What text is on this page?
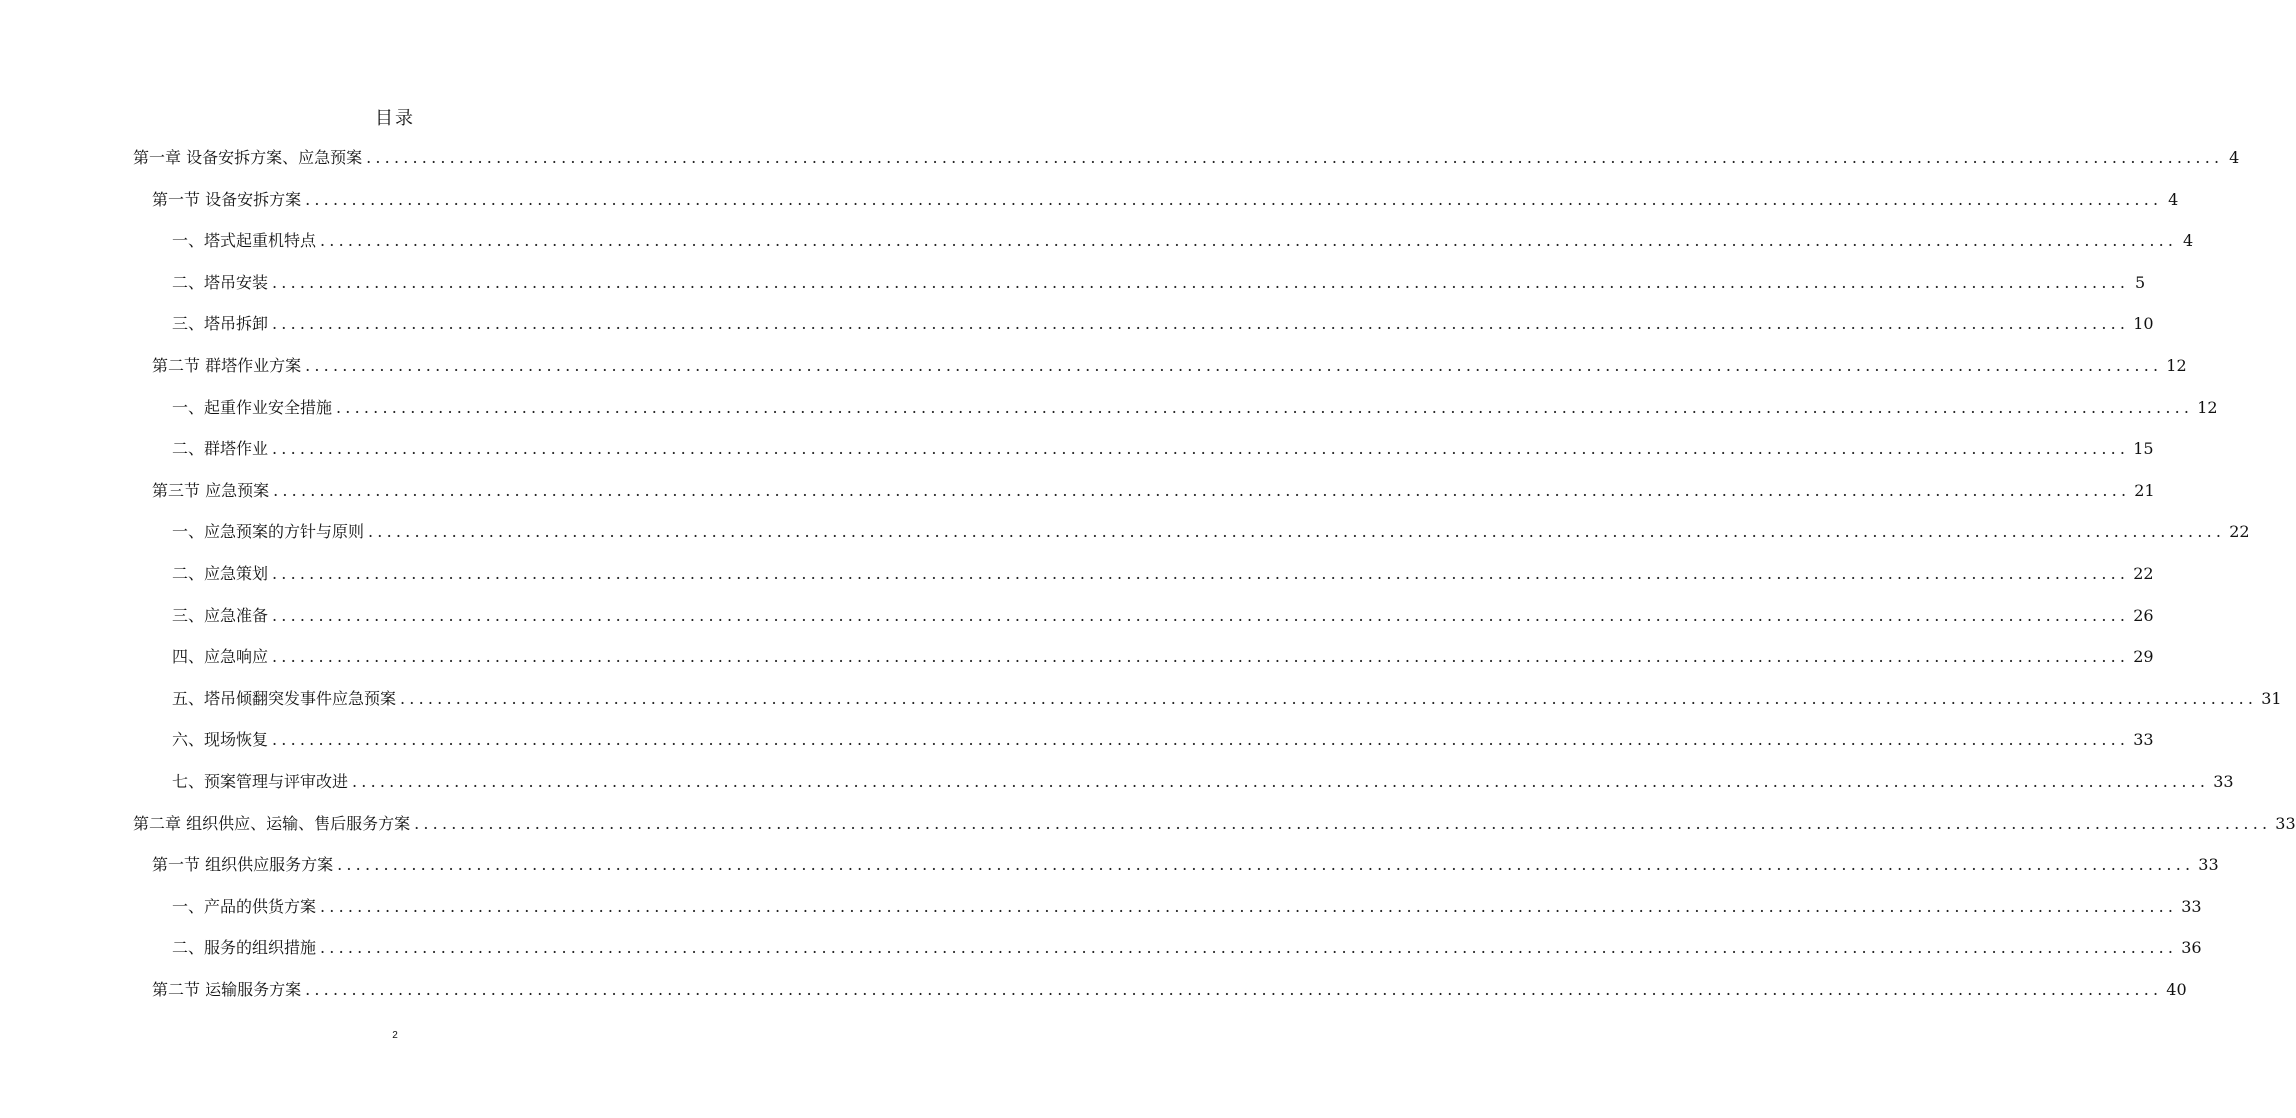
目录
第一章 设备安拆方案、应急预案 ........................................................................................................................................................................................................ 4
第一节 设备安拆方案 ........................................................................................................................................................................................................ 4
一、塔式起重机特点 ........................................................................................................................................................................................................ 4
二、塔吊安装 ........................................................................................................................................................................................................ 5
三、塔吊拆卸 ........................................................................................................................................................................................................ 10
第二节 群塔作业方案 ........................................................................................................................................................................................................ 12
一、起重作业安全措施 ........................................................................................................................................................................................................ 12
二、群塔作业 ........................................................................................................................................................................................................ 15
第三节 应急预案 ........................................................................................................................................................................................................ 21
一、应急预案的方针与原则 ........................................................................................................................................................................................................ 22
二、应急策划 ........................................................................................................................................................................................................ 22
三、应急准备 ........................................................................................................................................................................................................ 26
四、应急响应 ........................................................................................................................................................................................................ 29
五、塔吊倾翻突发事件应急预案 ........................................................................................................................................................................................................ 31
六、现场恢复 ........................................................................................................................................................................................................ 33
七、预案管理与评审改进 ........................................................................................................................................................................................................ 33
第二章 组织供应、运输、售后服务方案 ........................................................................................................................................................................................................ 33
第一节 组织供应服务方案 ........................................................................................................................................................................................................ 33
一、产品的供货方案 ........................................................................................................................................................................................................ 33
二、服务的组织措施 ........................................................................................................................................................................................................ 36
第二节 运输服务方案 ........................................................................................................................................................................................................ 40
2
